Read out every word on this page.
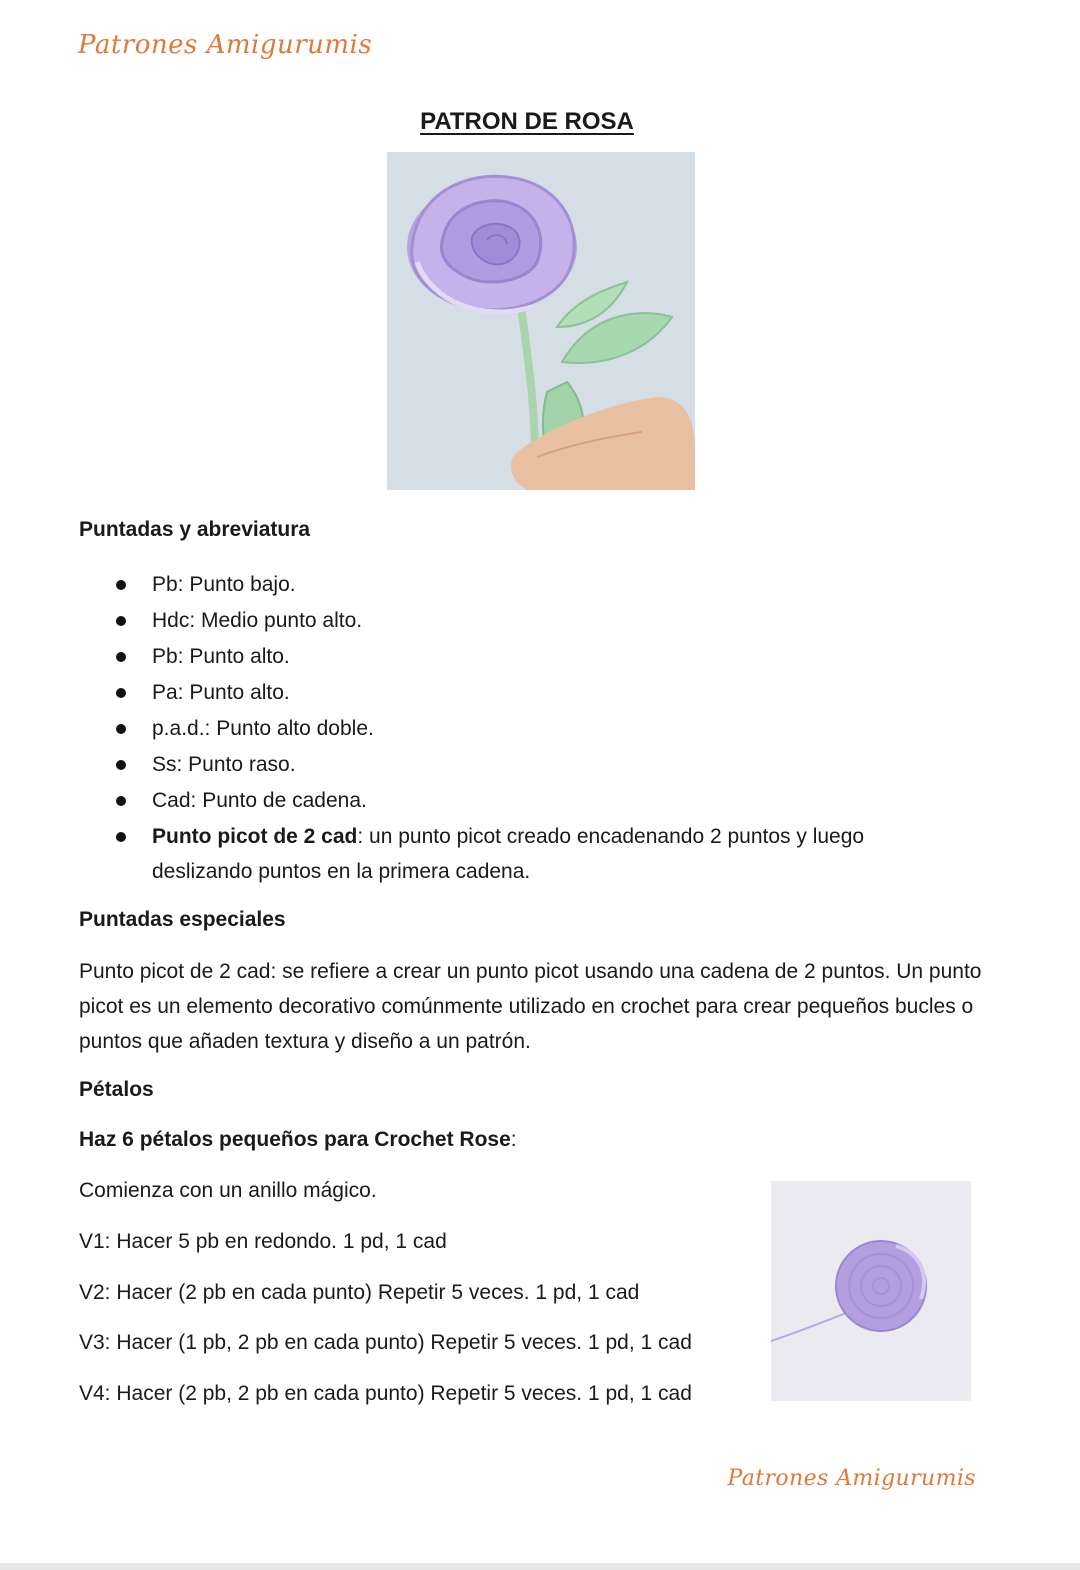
Patrones Amigurumis
PATRON DE ROSA
Puntadas y abreviatura
Pb: Punto bajo.
Hdc: Medio punto alto.
Pb: Punto alto.
Pa: Punto alto.
p.a.d.: Punto alto doble.
Ss: Punto raso.
Cad: Punto de cadena.
Punto picot de 2 cad: un punto picot creado encadenando 2 puntos y luego deslizando puntos en la primera cadena.
Puntadas especiales
Punto picot de 2 cad: se refiere a crear un punto picot usando una cadena de 2 puntos. Un punto picot es un elemento decorativo comúnmente utilizado en crochet para crear pequeños bucles o puntos que añaden textura y diseño a un patrón.
Pétalos
Haz 6 pétalos pequeños para Crochet Rose:
Comienza con un anillo mágico.
V1: Hacer 5 pb en redondo. 1 pd, 1 cad
V2: Hacer (2 pb en cada punto) Repetir 5 veces. 1 pd, 1 cad
V3: Hacer (1 pb, 2 pb en cada punto) Repetir 5 veces. 1 pd, 1 cad
V4: Hacer (2 pb, 2 pb en cada punto) Repetir 5 veces. 1 pd, 1 cad
Patrones Amigurumis
